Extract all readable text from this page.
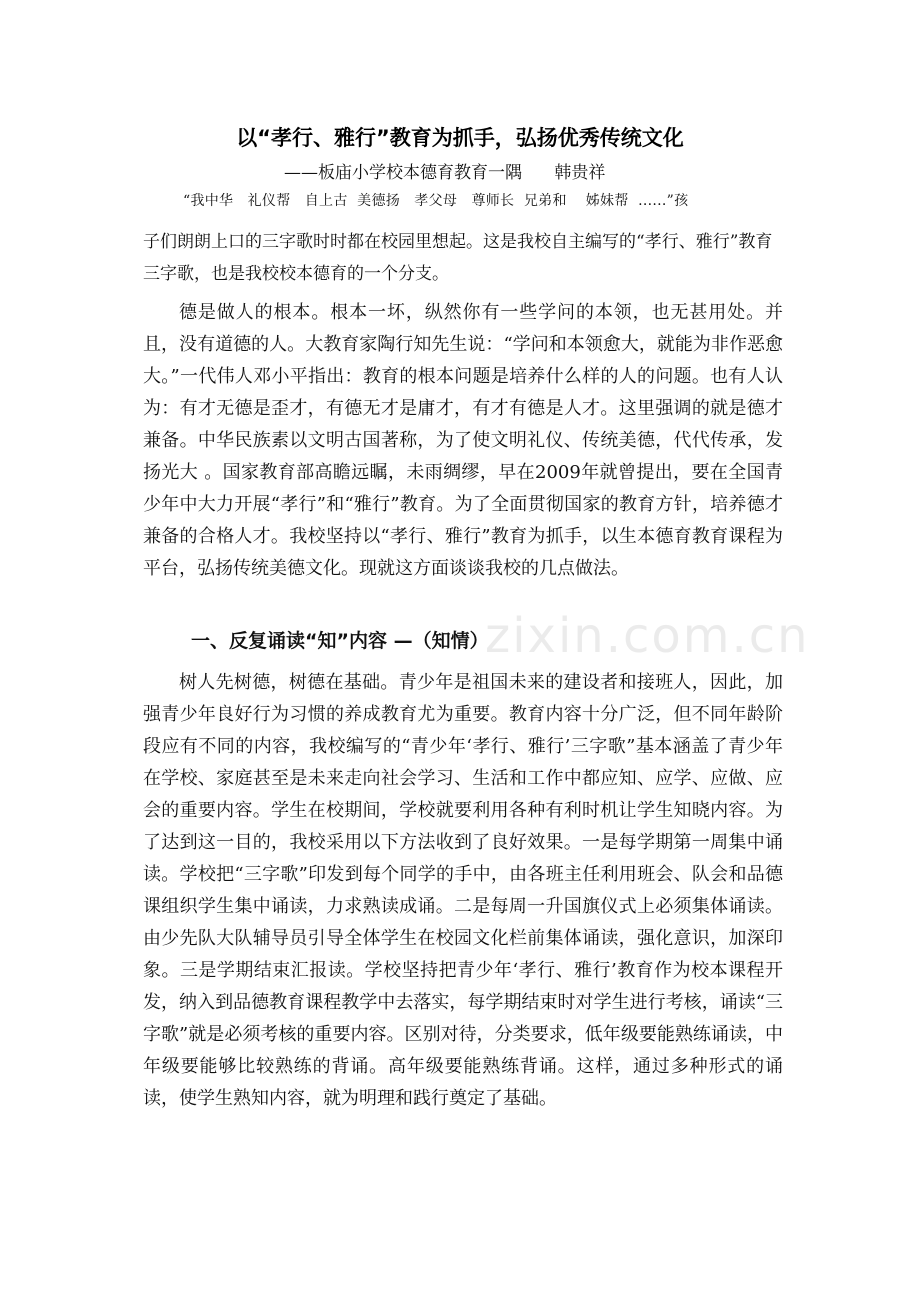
以“孝行、雅行”教育为抓手，弘扬优秀传统文化
——板庙小学校本德育教育一隅      韩贵祥
“我中华   礼仪帮   自上古  美德扬   孝父母   尊师长  兄弟和    姊妹帮  ......”孩
子们朗朗上口的三字歌时时都在校园里想起。这是我校自主编写的“孝行、雅行”教育三字歌，也是我校校本德育的一个分支。
德是做人的根本。根本一坏，纵然你有一些学问的本领，也无甚用处。并且，没有道德的人。大教育家陶行知先生说：“学问和本领愈大，就能为非作恶愈大。”一代伟人邓小平指出：教育的根本问题是培养什么样的人的问题。也有人认为：有才无德是歪才，有德无才是庸才，有才有德是人才。这里强调的就是德才兼备。中华民族素以文明古国著称，为了使文明礼仪、传统美德，代代传承，发扬光大 。国家教育部高瞻远瞩，未雨绸缪，早在2009年就曾提出，要在全国青少年中大力开展“孝行”和“雅行”教育。为了全面贯彻国家的教育方针，培养德才兼备的合格人才。我校坚持以“孝行、雅行”教育为抓手，以生本德育教育课程为平台，弘扬传统美德文化。现就这方面谈谈我校的几点做法。
zixin.com.cn
一、反复诵读“知”内容 —（知情）
树人先树德，树德在基础。青少年是祖国未来的建设者和接班人，因此，加强青少年良好行为习惯的养成教育尤为重要。教育内容十分广泛，但不同年龄阶段应有不同的内容，我校编写的“青少年‘孝行、雅行’三字歌”基本涵盖了青少年在学校、家庭甚至是未来走向社会学习、生活和工作中都应知、应学、应做、应会的重要内容。学生在校期间，学校就要利用各种有利时机让学生知晓内容。为了达到这一目的，我校采用以下方法收到了良好效果。一是每学期第一周集中诵读。学校把“三字歌”印发到每个同学的手中，由各班主任利用班会、队会和品德课组织学生集中诵读，力求熟读成诵。二是每周一升国旗仪式上必须集体诵读。由少先队大队辅导员引导全体学生在校园文化栏前集体诵读，强化意识，加深印象。三是学期结束汇报读。学校坚持把青少年‘孝行、雅行’教育作为校本课程开发，纳入到品德教育课程教学中去落实，每学期结束时对学生进行考核，诵读“三字歌”就是必须考核的重要内容。区别对待，分类要求，低年级要能熟练诵读，中年级要能够比较熟练的背诵。高年级要能熟练背诵。这样，通过多种形式的诵读，使学生熟知内容，就为明理和践行奠定了基础。
